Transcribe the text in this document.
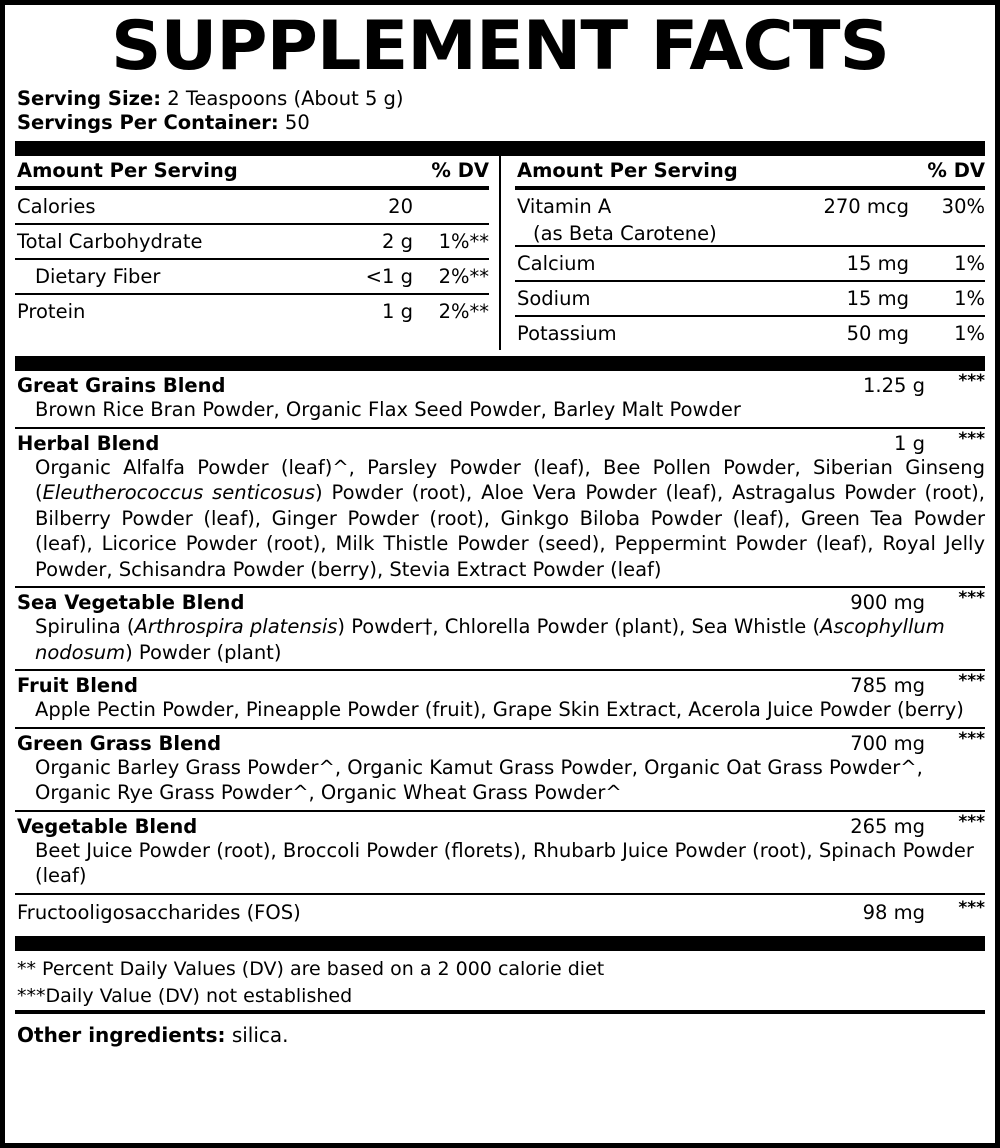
SUPPLEMENT FACTS
Serving Size: 2 Teaspoons (About 5 g)
Servings Per Container: 50
Amount Per Serving	% DV
Calories	20
Total Carbohydrate	2 g	1%**
Dietary Fiber	<1 g	2%**
Protein	1 g	2%**
Amount Per Serving	% DV
Vitamin A	270 mcg	30%
(as Beta Carotene)
Calcium	15 mg	1%
Sodium	15 mg	1%
Potassium	50 mg	1%
Great Grains Blend	1.25 g	***
Brown Rice Bran Powder, Organic Flax Seed Powder, Barley Malt Powder
Herbal Blend	1 g	***
Organic Alfalfa Powder (leaf)^, Parsley Powder (leaf), Bee Pollen Powder, Siberian Ginseng (Eleutherococcus senticosus) Powder (root), Aloe Vera Powder (leaf), Astragalus Powder (root), Bilberry Powder (leaf), Ginger Powder (root), Ginkgo Biloba Powder (leaf), Green Tea Powder (leaf), Licorice Powder (root), Milk Thistle Powder (seed), Peppermint Powder (leaf), Royal Jelly Powder, Schisandra Powder (berry), Stevia Extract Powder (leaf)
Sea Vegetable Blend	900 mg	***
Spirulina (Arthrospira platensis) Powder†, Chlorella Powder (plant), Sea Whistle (Ascophyllum nodosum) Powder (plant)
Fruit Blend	785 mg	***
Apple Pectin Powder, Pineapple Powder (fruit), Grape Skin Extract, Acerola Juice Powder (berry)
Green Grass Blend	700 mg	***
Organic Barley Grass Powder^, Organic Kamut Grass Powder, Organic Oat Grass Powder^, Organic Rye Grass Powder^, Organic Wheat Grass Powder^
Vegetable Blend	265 mg	***
Beet Juice Powder (root), Broccoli Powder (florets), Rhubarb Juice Powder (root), Spinach Powder (leaf)
Fructooligosaccharides (FOS)	98 mg	***
** Percent Daily Values (DV) are based on a 2 000 calorie diet
***Daily Value (DV) not established
Other ingredients: silica.
